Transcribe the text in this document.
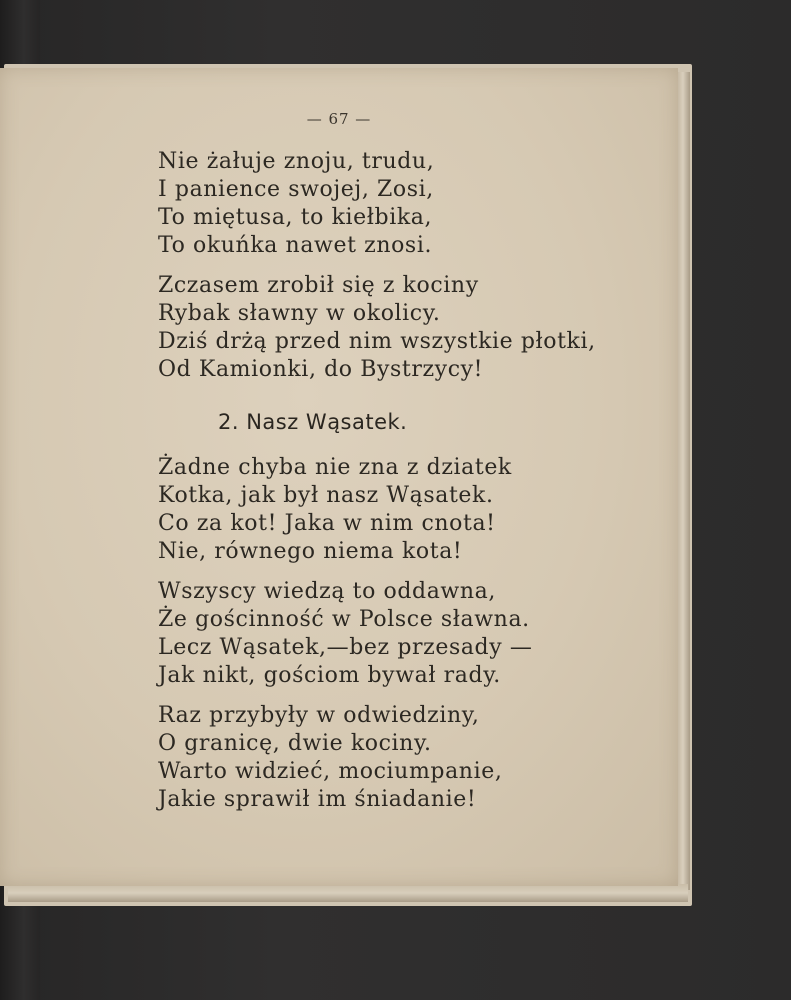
— 67 —
Nie żałuje znoju, trudu,
I panience swojej, Zosi,
To miętusa, to kiełbika,
To okuńka nawet znosi.
Zczasem zrobił się z kociny
Rybak sławny w okolicy.
Dziś drżą przed nim wszystkie płotki,
Od Kamionki, do Bystrzycy!
2. Nasz Wąsatek.
Żadne chyba nie zna z dziatek
Kotka, jak był nasz Wąsatek.
Co za kot! Jaka w nim cnota!
Nie, równego niema kota!
Wszyscy wiedzą to oddawna,
Że gościnność w Polsce sławna.
Lecz Wąsatek,—bez przesady —
Jak nikt, gościom bywał rady.
Raz przybyły w odwiedziny,
O granicę, dwie kociny.
Warto widzieć, mociumpanie,
Jakie sprawił im śniadanie!
